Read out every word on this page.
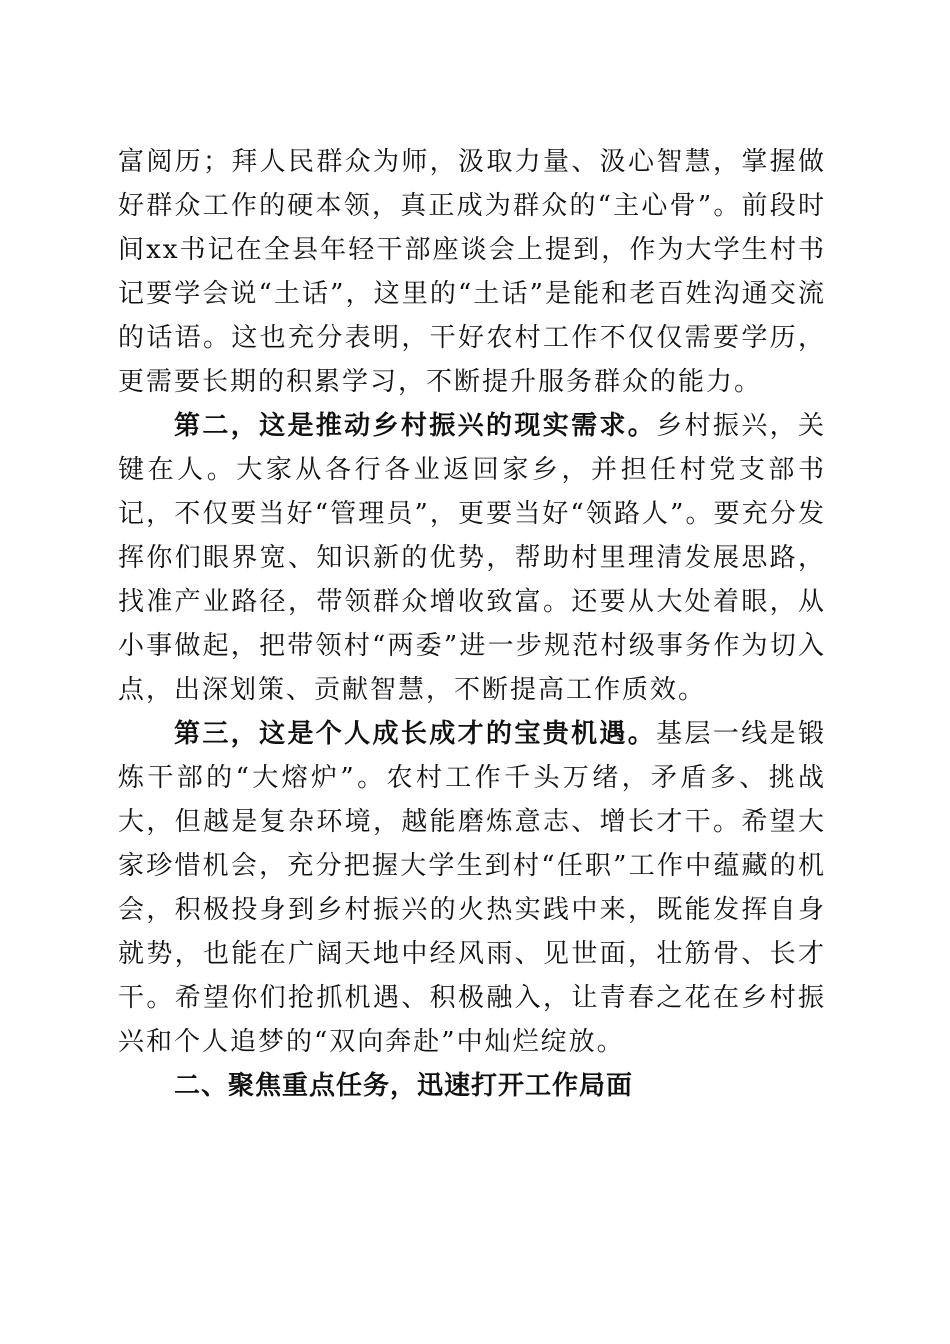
富阅历；拜人民群众为师，汲取力量、汲心智慧，掌握做好群众工作的硬本领，真正成为群众的“主心骨”。前段时间xx书记在全县年轻干部座谈会上提到，作为大学生村书记要学会说“土话”，这里的“土话”是能和老百姓沟通交流的话语。这也充分表明，干好农村工作不仅仅需要学历，更需要长期的积累学习，不断提升服务群众的能力。

第二，这是推动乡村振兴的现实需求。乡村振兴，关键在人。大家从各行各业返回家乡，并担任村党支部书记，不仅要当好“管理员”，更要当好“领路人”。要充分发挥你们眼界宽、知识新的优势，帮助村里理清发展思路，找准产业路径，带领群众增收致富。还要从大处着眼，从小事做起，把带领村“两委”进一步规范村级事务作为切入点，出深划策、贡献智慧，不断提高工作质效。

第三，这是个人成长成才的宝贵机遇。基层一线是锻炼干部的“大熔炉”。农村工作千头万绪，矛盾多、挑战大，但越是复杂环境，越能磨炼意志、增长才干。希望大家珍惜机会，充分把握大学生到村“任职”工作中蕴藏的机会，积极投身到乡村振兴的火热实践中来，既能发挥自身就势，也能在广阔天地中经风雨、见世面，壮筋骨、长才干。希望你们抢抓机遇、积极融入，让青春之花在乡村振兴和个人追梦的“双向奔赴”中灿烂绽放。

二、聚焦重点任务，迅速打开工作局面
